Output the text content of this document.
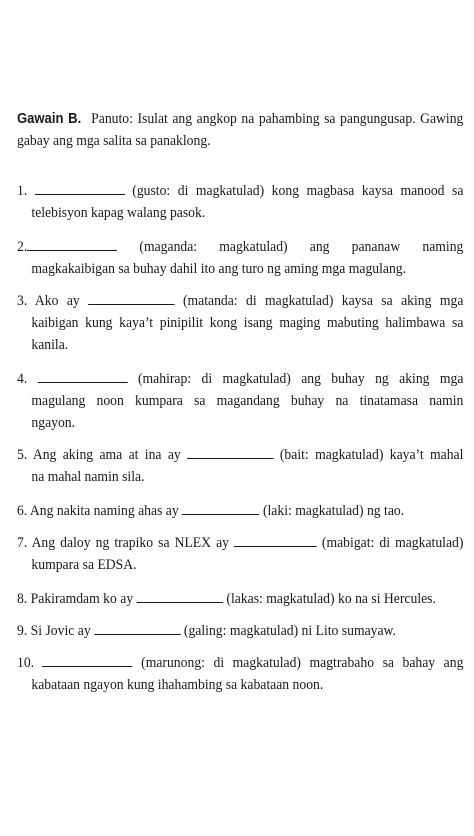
Gawain B. Panuto: Isulat ang angkop na pahambing sa pangungusap. Gawing gabay ang mga salita sa panaklong.
1.	(gusto: di magkatulad) kong magbasa kaysa manood sa
telebisyon kapag walang pasok.
2.	(maganda: magkatulad) ang pananaw naming
magkakaibigan sa buhay dahil ito ang turo ng aming mga magulang.
3. Ako ay	(matanda: di magkatulad) kaysa sa aking mga
kaibigan kung kaya’t pinipilit kong isang maging mabuting halimbawa sa
kanila.
4.	(mahirap: di magkatulad) ang buhay ng aking mga
magulang noon kumpara sa magandang buhay na tinatamasa namin
ngayon.
5. Ang aking ama at ina ay	(bait: magkatulad) kaya’t mahal
na mahal namin sila.
6. Ang nakita naming ahas ay	(laki: magkatulad) ng tao.
7. Ang daloy ng trapiko sa NLEX ay	(mabigat: di magkatulad)
kumpara sa EDSA.
8. Pakiramdam ko ay	(lakas: magkatulad) ko na si Hercules.
9. Si Jovic ay	(galing: magkatulad) ni Lito sumayaw.
10.	(marunong: di magkatulad) magtrabaho sa bahay ang
kabataan ngayon kung ihahambing sa kabataan noon.
